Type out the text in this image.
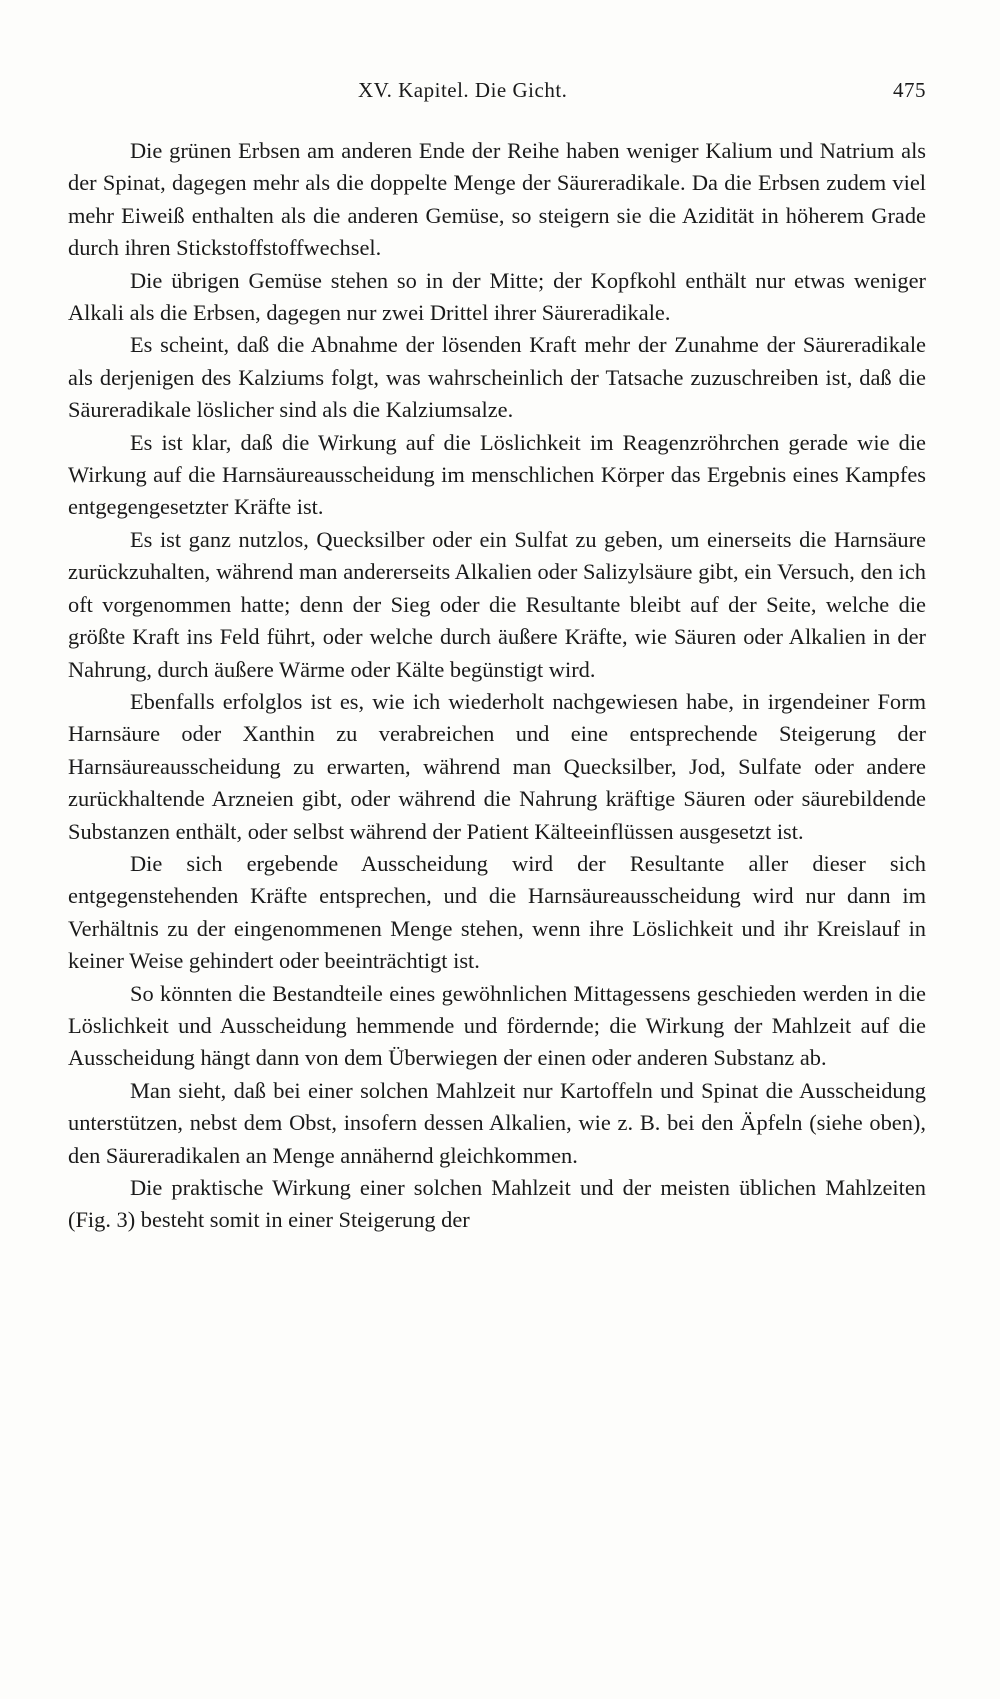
XV. Kapitel. Die Gicht.	475

Die grünen Erbsen am anderen Ende der Reihe haben weniger Kalium und Natrium als der Spinat, dagegen mehr als die doppelte Menge der Säureradikale. Da die Erbsen zudem viel mehr Eiweiß enthalten als die anderen Gemüse, so steigern sie die Azidität in höherem Grade durch ihren Stickstoffstoffwechsel.

Die übrigen Gemüse stehen so in der Mitte; der Kopfkohl enthält nur etwas weniger Alkali als die Erbsen, dagegen nur zwei Drittel ihrer Säureradikale.

Es scheint, daß die Abnahme der lösenden Kraft mehr der Zunahme der Säureradikale als derjenigen des Kalziums folgt, was wahrscheinlich der Tatsache zuzuschreiben ist, daß die Säureradikale löslicher sind als die Kalziumsalze.

Es ist klar, daß die Wirkung auf die Löslichkeit im Reagenzröhrchen gerade wie die Wirkung auf die Harnsäureausscheidung im menschlichen Körper das Ergebnis eines Kampfes entgegengesetzter Kräfte ist.

Es ist ganz nutzlos, Quecksilber oder ein Sulfat zu geben, um einerseits die Harnsäure zurückzuhalten, während man andererseits Alkalien oder Salizylsäure gibt, ein Versuch, den ich oft vorgenommen hatte; denn der Sieg oder die Resultante bleibt auf der Seite, welche die größte Kraft ins Feld führt, oder welche durch äußere Kräfte, wie Säuren oder Alkalien in der Nahrung, durch äußere Wärme oder Kälte begünstigt wird.

Ebenfalls erfolglos ist es, wie ich wiederholt nachgewiesen habe, in irgendeiner Form Harnsäure oder Xanthin zu verabreichen und eine entsprechende Steigerung der Harnsäureausscheidung zu erwarten, während man Quecksilber, Jod, Sulfate oder andere zurückhaltende Arzneien gibt, oder während die Nahrung kräftige Säuren oder säurebildende Substanzen enthält, oder selbst während der Patient Kälteeinflüssen ausgesetzt ist.

Die sich ergebende Ausscheidung wird der Resultante aller dieser sich entgegenstehenden Kräfte entsprechen, und die Harnsäureausscheidung wird nur dann im Verhältnis zu der eingenommenen Menge stehen, wenn ihre Löslichkeit und ihr Kreislauf in keiner Weise gehindert oder beeinträchtigt ist.

So könnten die Bestandteile eines gewöhnlichen Mittagessens geschieden werden in die Löslichkeit und Ausscheidung hemmende und fördernde; die Wirkung der Mahlzeit auf die Ausscheidung hängt dann von dem Überwiegen der einen oder anderen Substanz ab.

Man sieht, daß bei einer solchen Mahlzeit nur Kartoffeln und Spinat die Ausscheidung unterstützen, nebst dem Obst, insofern dessen Alkalien, wie z. B. bei den Äpfeln (siehe oben), den Säureradikalen an Menge annähernd gleichkommen.

Die praktische Wirkung einer solchen Mahlzeit und der meisten üblichen Mahlzeiten (Fig. 3) besteht somit in einer Steigerung der
